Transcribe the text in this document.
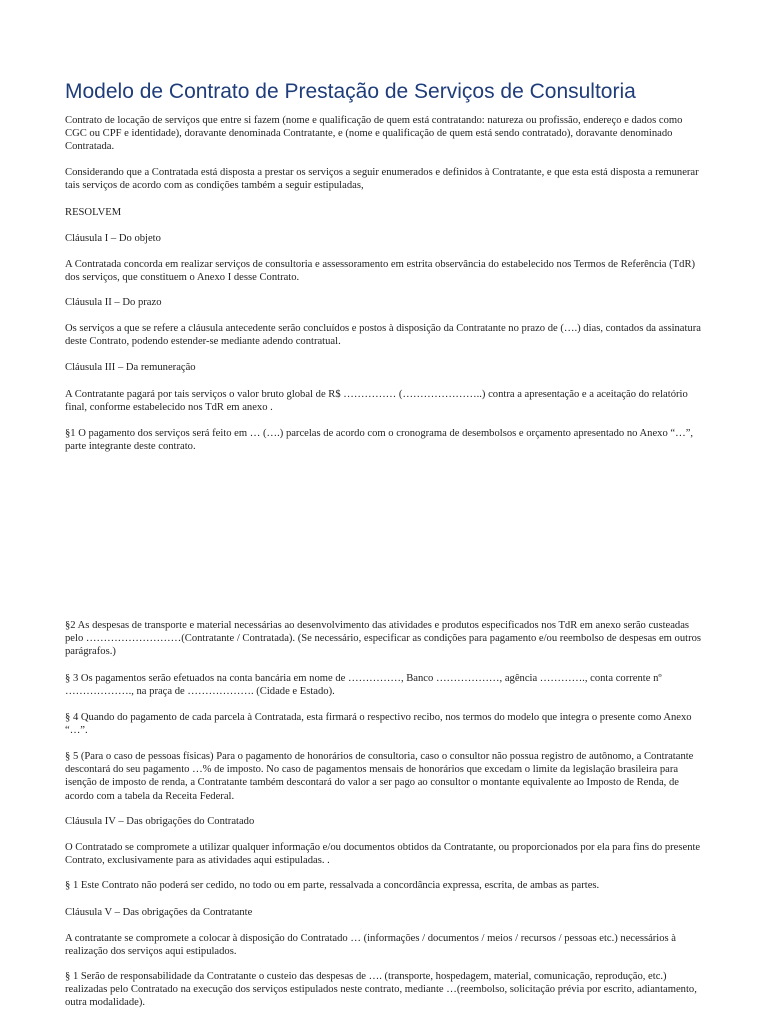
Modelo de Contrato de Prestação de Serviços de Consultoria

Contrato de locação de serviços que entre si fazem (nome e qualificação de quem está contratando: natureza ou profissão, endereço e dados como CGC ou CPF e identidade), doravante denominada Contratante, e (nome e qualificação de quem está sendo contratado), doravante denominado Contratada.

Considerando que a Contratada está disposta a prestar os serviços a seguir enumerados e definidos à Contratante, e que esta está disposta a remunerar tais serviços de acordo com as condições também a seguir estipuladas,

RESOLVEM

Cláusula I – Do objeto

A Contratada concorda em realizar serviços de consultoria e assessoramento em estrita observância do estabelecido nos Termos de Referência (TdR) dos serviços, que constituem o Anexo I desse Contrato.

Cláusula II – Do prazo

Os serviços a que se refere a cláusula antecedente serão concluídos e postos à disposição da Contratante no prazo de (….) dias, contados da assinatura deste Contrato, podendo estender-se mediante adendo contratual.

Cláusula III – Da remuneração

A Contratante pagará por tais serviços o valor bruto global de R$ …………… (…………………..) contra a apresentação e a aceitação do relatório final, conforme estabelecido nos TdR em anexo .

§1 O pagamento dos serviços será feito em … (….) parcelas de acordo com o cronograma de desembolsos e orçamento apresentado no Anexo “…”, parte integrante deste contrato.

§2 As despesas de transporte e material necessárias ao desenvolvimento das atividades e produtos especificados nos TdR em anexo serão custeadas pelo ………………………(Contratante / Contratada). (Se necessário, especificar as condições para pagamento e/ou reembolso de despesas em outros parágrafos.)

§ 3 Os pagamentos serão efetuados na conta bancária em nome de ……………, Banco ………………, agência …………., conta corrente nº ………………., na praça de ………………. (Cidade e Estado).

§ 4 Quando do pagamento de cada parcela à Contratada, esta firmará o respectivo recibo, nos termos do modelo que integra o presente como Anexo “…”.

§ 5 (Para o caso de pessoas físicas) Para o pagamento de honorários de consultoria, caso o consultor não possua registro de autônomo, a Contratante descontará do seu pagamento …% de imposto. No caso de pagamentos mensais de honorários que excedam o limite da legislação brasileira para isenção de imposto de renda, a Contratante também descontará do valor a ser pago ao consultor o montante equivalente ao Imposto de Renda, de acordo com a tabela da Receita Federal.

Cláusula IV – Das obrigações do Contratado

O Contratado se compromete a utilizar qualquer informação e/ou documentos obtidos da Contratante, ou proporcionados por ela para fins do presente Contrato, exclusivamente para as atividades aqui estipuladas. .

§ 1 Este Contrato não poderá ser cedido, no todo ou em parte, ressalvada a concordância expressa, escrita, de ambas as partes.

Cláusula V – Das obrigações da Contratante

A contratante se compromete a colocar à disposição do Contratado … (informações / documentos / meios / recursos / pessoas etc.) necessários à realização dos serviços aqui estipulados.

§ 1 Serão de responsabilidade da Contratante o custeio das despesas de …. (transporte, hospedagem, material, comunicação, reprodução, etc.) realizadas pelo Contratado na execução dos serviços estipulados neste contrato, mediante …(reembolso, solicitação prévia por escrito, adiantamento, outra modalidade).
